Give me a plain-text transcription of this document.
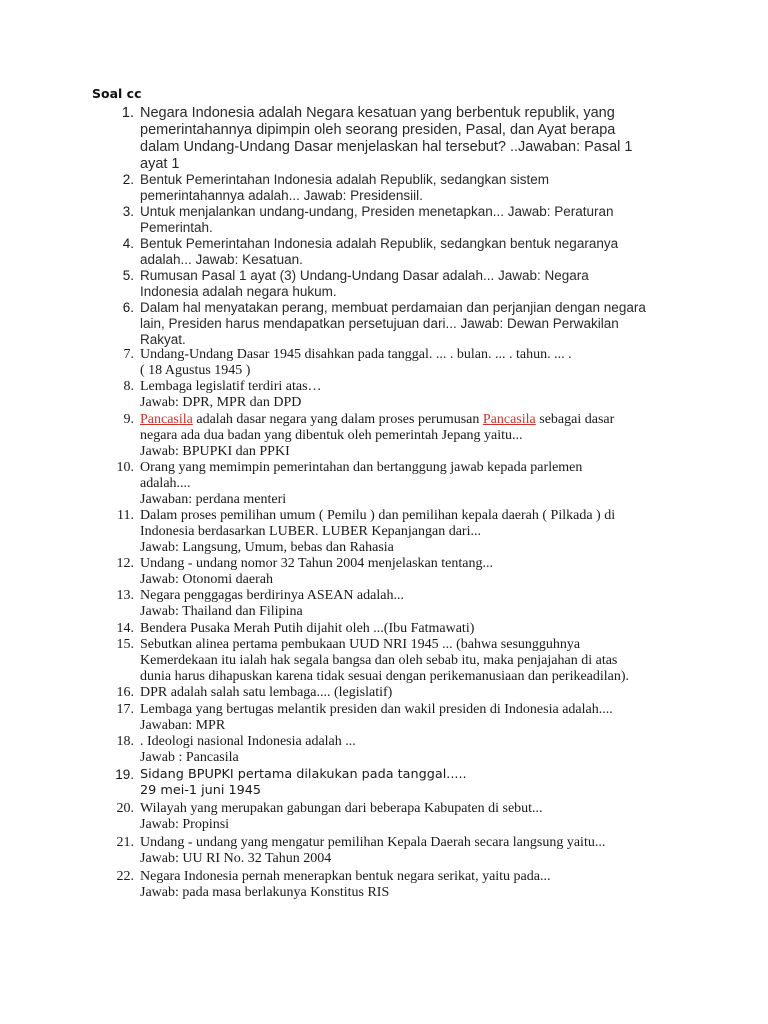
Soal cc
1. Negara Indonesia adalah Negara kesatuan yang berbentuk republik, yang
pemerintahannya dipimpin oleh seorang presiden, Pasal, dan Ayat berapa
dalam Undang-Undang Dasar menjelaskan hal tersebut? ..Jawaban: Pasal 1
ayat 1
2. Bentuk Pemerintahan Indonesia adalah Republik, sedangkan sistem
pemerintahannya adalah... Jawab: Presidensiil.
3. Untuk menjalankan undang-undang, Presiden menetapkan... Jawab: Peraturan
Pemerintah.
4. Bentuk Pemerintahan Indonesia adalah Republik, sedangkan bentuk negaranya
adalah... Jawab: Kesatuan.
5. Rumusan Pasal 1 ayat (3) Undang-Undang Dasar adalah... Jawab: Negara
Indonesia adalah negara hukum.
6. Dalam hal menyatakan perang, membuat perdamaian dan perjanjian dengan negara
lain, Presiden harus mendapatkan persetujuan dari... Jawab: Dewan Perwakilan
Rakyat.
7. Undang-Undang Dasar 1945 disahkan pada tanggal. ... . bulan. ... . tahun. ... .
( 18 Agustus 1945 )
8. Lembaga legislatif terdiri atas…
Jawab: DPR, MPR dan DPD
9. Pancasila adalah dasar negara yang dalam proses perumusan Pancasila sebagai dasar
negara ada dua badan yang dibentuk oleh pemerintah Jepang yaitu...
Jawab: BPUPKI dan PPKI
10. Orang yang memimpin pemerintahan dan bertanggung jawab kepada parlemen
adalah....
Jawaban: perdana menteri
11. Dalam proses pemilihan umum ( Pemilu ) dan pemilihan kepala daerah ( Pilkada ) di
Indonesia berdasarkan LUBER. LUBER Kepanjangan dari...
Jawab: Langsung, Umum, bebas dan Rahasia
12. Undang - undang nomor 32 Tahun 2004 menjelaskan tentang...
Jawab: Otonomi daerah
13. Negara penggagas berdirinya ASEAN adalah...
Jawab: Thailand dan Filipina
14. Bendera Pusaka Merah Putih dijahit oleh ...(Ibu Fatmawati)
15. Sebutkan alinea pertama pembukaan UUD NRI 1945 ... (bahwa sesungguhnya
Kemerdekaan itu ialah hak segala bangsa dan oleh sebab itu, maka penjajahan di atas
dunia harus dihapuskan karena tidak sesuai dengan perikemanusiaan dan perikeadilan).
16. DPR adalah salah satu lembaga.... (legislatif)
17. Lembaga yang bertugas melantik presiden dan wakil presiden di Indonesia adalah....
Jawaban: MPR
18. . Ideologi nasional Indonesia adalah ...
Jawab : Pancasila
19. Sidang BPUPKI pertama dilakukan pada tanggal.....
29 mei-1 juni 1945
20. Wilayah yang merupakan gabungan dari beberapa Kabupaten di sebut...
Jawab: Propinsi
21. Undang - undang yang mengatur pemilihan Kepala Daerah secara langsung yaitu...
Jawab: UU RI No. 32 Tahun 2004
22. Negara Indonesia pernah menerapkan bentuk negara serikat, yaitu pada...
Jawab: pada masa berlakunya Konstitus RIS
